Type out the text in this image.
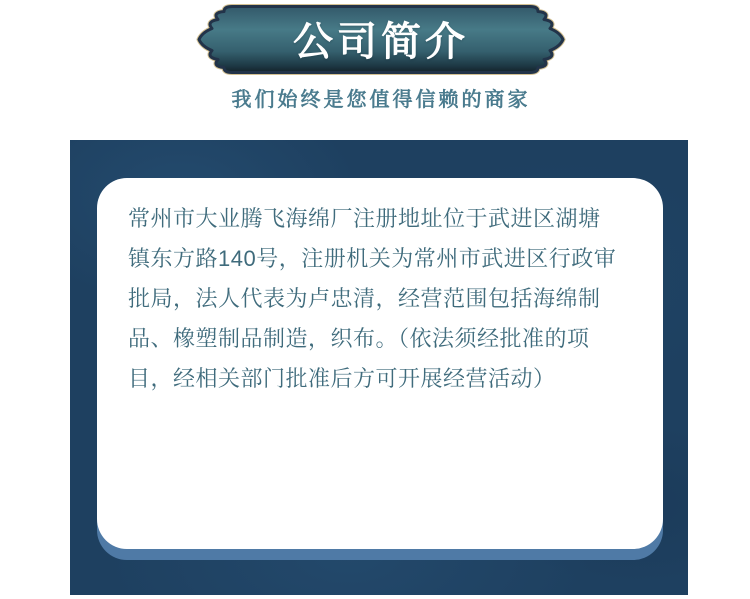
公司简介
我们始终是您值得信赖的商家
常州市大业腾飞海绵厂注册地址位于武进区湖塘
镇东方路140号，注册机关为常州市武进区行政审
批局，法人代表为卢忠清，经营范围包括海绵制
品、橡塑制品制造，织布。（依法须经批准的项
目，经相关部门批准后方可开展经营活动）
